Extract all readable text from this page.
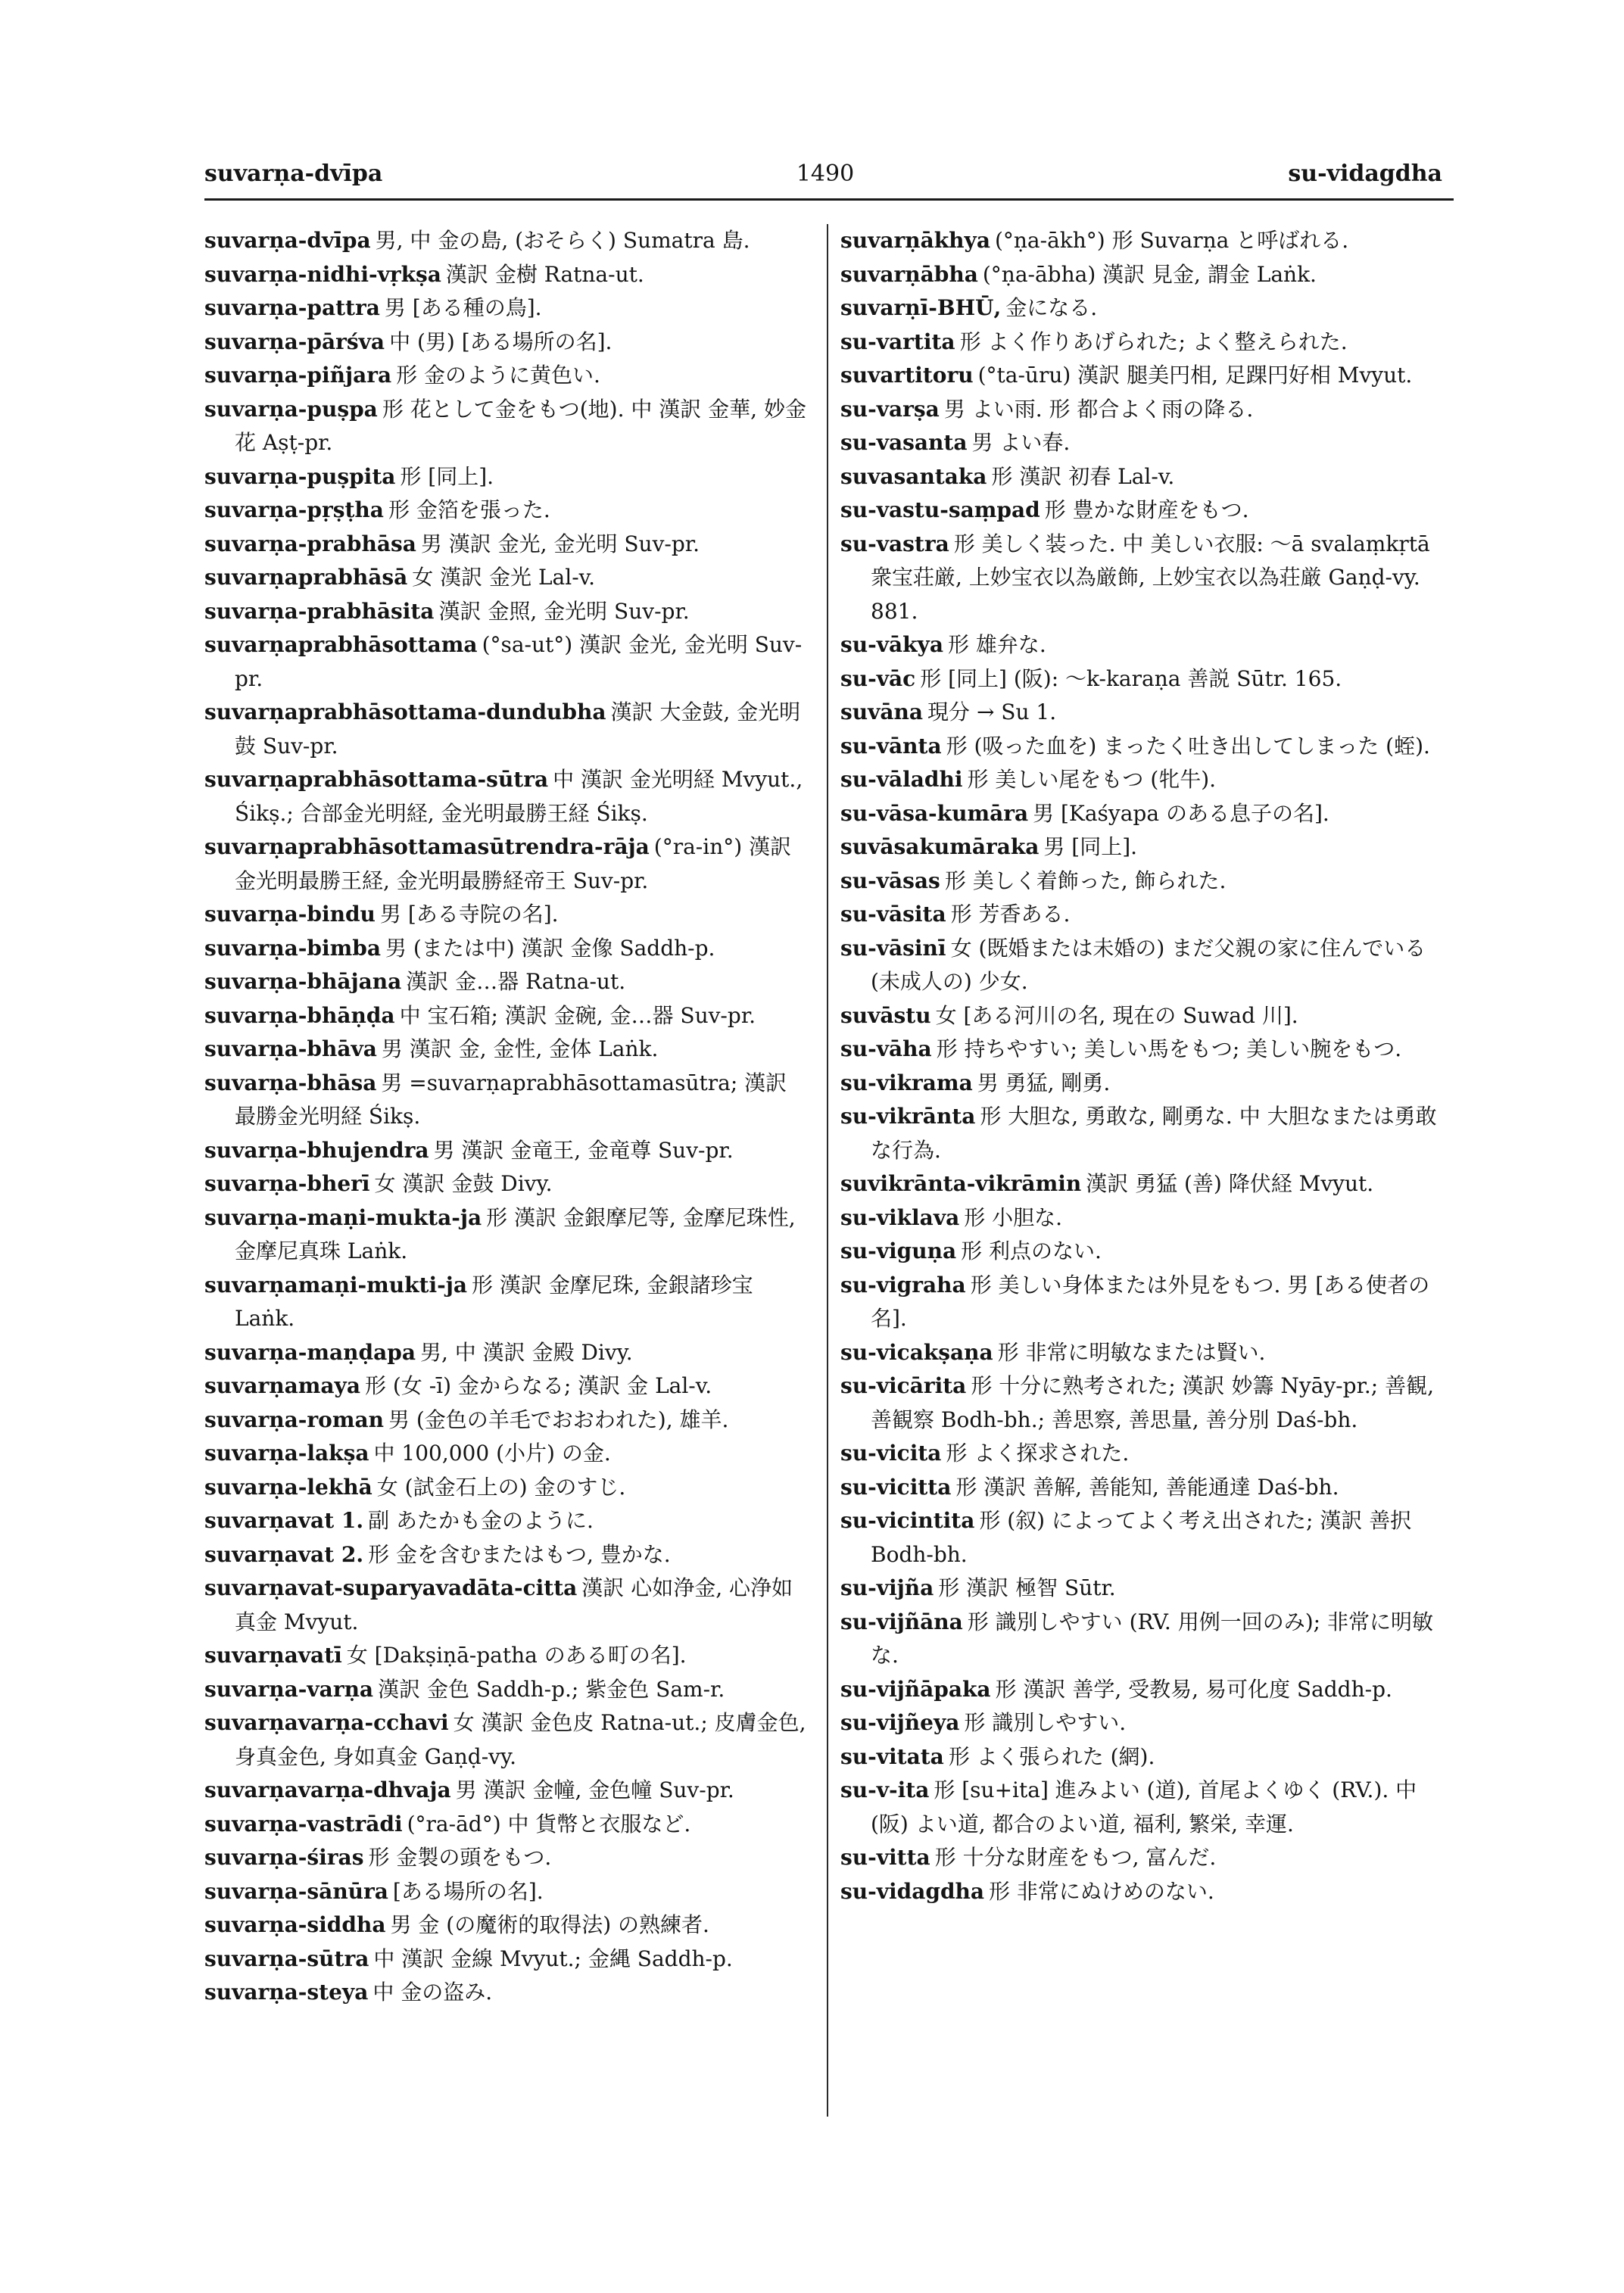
suvarṇa-dvīpa	1490	su-vidagdha
suvarṇa-dvīpa 男, 中 金の島, (おそらく) Sumatra 島.
suvarṇa-nidhi-vṛkṣa 漢訳 金樹 Ratna-ut.
suvarṇa-pattra 男 [ある種の鳥].
suvarṇa-pārśva 中 (男) [ある場所の名].
suvarṇa-piñjara 形 金のように黄色い.
suvarṇa-puṣpa 形 花として金をもつ(地). 中 漢訳 金華, 妙金花 Aṣṭ-pr.
suvarṇa-puṣpita 形 [同上].
suvarṇa-pṛṣṭha 形 金箔を張った.
suvarṇa-prabhāsa 男 漢訳 金光, 金光明 Suv-pr.
suvarṇaprabhāsā 女 漢訳 金光 Lal-v.
suvarṇa-prabhāsita 漢訳 金照, 金光明 Suv-pr.
suvarṇaprabhāsottama (°sa-ut°) 漢訳 金光, 金光明 Suv-pr.
suvarṇaprabhāsottama-dundubha 漢訳 大金鼓, 金光明鼓 Suv-pr.
suvarṇaprabhāsottama-sūtra 中 漢訳 金光明経 Mvyut., Śikṣ.; 合部金光明経, 金光明最勝王経 Śikṣ.
suvarṇaprabhāsottamasūtrendra-rāja (°ra-in°) 漢訳 金光明最勝王経, 金光明最勝経帝王 Suv-pr.
suvarṇa-bindu 男 [ある寺院の名].
suvarṇa-bimba 男 (または中) 漢訳 金像 Saddh-p.
suvarṇa-bhājana 漢訳 金…器 Ratna-ut.
suvarṇa-bhāṇḍa 中 宝石箱; 漢訳 金碗, 金…器 Suv-pr.
suvarṇa-bhāva 男 漢訳 金, 金性, 金体 Laṅk.
suvarṇa-bhāsa 男 =suvarṇaprabhāsottamasūtra; 漢訳 最勝金光明経 Śikṣ.
suvarṇa-bhujendra 男 漢訳 金竜王, 金竜尊 Suv-pr.
suvarṇa-bherī 女 漢訳 金鼓 Divy.
suvarṇa-maṇi-mukta-ja 形 漢訳 金銀摩尼等, 金摩尼珠性, 金摩尼真珠 Laṅk.
suvarṇamaṇi-mukti-ja 形 漢訳 金摩尼珠, 金銀諸珍宝 Laṅk.
suvarṇa-maṇḍapa 男, 中 漢訳 金殿 Divy.
suvarṇamaya 形 (女 -ī) 金からなる; 漢訳 金 Lal-v.
suvarṇa-roman 男 (金色の羊毛でおおわれた), 雄羊.
suvarṇa-lakṣa 中 100,000 (小片) の金.
suvarṇa-lekhā 女 (試金石上の) 金のすじ.
suvarṇavat 1. 副 あたかも金のように.
suvarṇavat 2. 形 金を含むまたはもつ, 豊かな.
suvarṇavat-suparyavadāta-citta 漢訳 心如浄金, 心浄如真金 Mvyut.
suvarṇavatī 女 [Dakṣiṇā-patha のある町の名].
suvarṇa-varṇa 漢訳 金色 Saddh-p.; 紫金色 Sam-r.
suvarṇavarṇa-cchavi 女 漢訳 金色皮 Ratna-ut.; 皮膚金色, 身真金色, 身如真金 Gaṇḍ-vy.
suvarṇavarṇa-dhvaja 男 漢訳 金幢, 金色幢 Suv-pr.
suvarṇa-vastrādi (°ra-ād°) 中 貨幣と衣服など.
suvarṇa-śiras 形 金製の頭をもつ.
suvarṇa-sānūra [ある場所の名].
suvarṇa-siddha 男 金 (の魔術的取得法) の熟練者.
suvarṇa-sūtra 中 漢訳 金線 Mvyut.; 金縄 Saddh-p.
suvarṇa-steya 中 金の盗み.
suvarṇākhya (°ṇa-ākh°) 形 Suvarṇa と呼ばれる.
suvarṇābha (°ṇa-ābha) 漢訳 見金, 謂金 Laṅk.
suvarṇī-BHŪ, 金になる.
su-vartita 形 よく作りあげられた; よく整えられた.
suvartitoru (°ta-ūru) 漢訳 腿美円相, 足踝円好相 Mvyut.
su-varṣa 男 よい雨. 形 都合よく雨の降る.
su-vasanta 男 よい春.
suvasantaka 形 漢訳 初春 Lal-v.
su-vastu-saṃpad 形 豊かな財産をもつ.
su-vastra 形 美しく装った. 中 美しい衣服: ～ā svalaṃkṛtā 衆宝荘厳, 上妙宝衣以為厳飾, 上妙宝衣以為荘厳 Gaṇḍ-vy. 881.
su-vākya 形 雄弁な.
su-vāc 形 [同上] (阪): ～k-karaṇa 善説 Sūtr. 165.
suvāna 現分 → Su 1.
su-vānta 形 (吸った血を) まったく吐き出してしまった (蛭).
su-vāladhi 形 美しい尾をもつ (牝牛).
su-vāsa-kumāra 男 [Kaśyapa のある息子の名].
suvāsakumāraka 男 [同上].
su-vāsas 形 美しく着飾った, 飾られた.
su-vāsita 形 芳香ある.
su-vāsinī 女 (既婚または未婚の) まだ父親の家に住んでいる (未成人の) 少女.
suvāstu 女 [ある河川の名, 現在の Suwad 川].
su-vāha 形 持ちやすい; 美しい馬をもつ; 美しい腕をもつ.
su-vikrama 男 勇猛, 剛勇.
su-vikrānta 形 大胆な, 勇敢な, 剛勇な. 中 大胆なまたは勇敢な行為.
suvikrānta-vikrāmin 漢訳 勇猛 (善) 降伏経 Mvyut.
su-viklava 形 小胆な.
su-viguṇa 形 利点のない.
su-vigraha 形 美しい身体または外見をもつ. 男 [ある使者の名].
su-vicakṣaṇa 形 非常に明敏なまたは賢い.
su-vicārita 形 十分に熟考された; 漢訳 妙籌 Nyāy-pr.; 善観, 善観察 Bodh-bh.; 善思察, 善思量, 善分別 Daś-bh.
su-vicita 形 よく探求された.
su-vicitta 形 漢訳 善解, 善能知, 善能通達 Daś-bh.
su-vicintita 形 (叙) によってよく考え出された; 漢訳 善択 Bodh-bh.
su-vijña 形 漢訳 極智 Sūtr.
su-vijñāna 形 識別しやすい (RV. 用例一回のみ); 非常に明敏な.
su-vijñāpaka 形 漢訳 善学, 受教易, 易可化度 Saddh-p.
su-vijñeya 形 識別しやすい.
su-vitata 形 よく張られた (網).
su-v-ita 形 [su+ita] 進みよい (道), 首尾よくゆく (RV.). 中 (阪) よい道, 都合のよい道, 福利, 繁栄, 幸運.
su-vitta 形 十分な財産をもつ, 富んだ.
su-vidagdha 形 非常にぬけめのない.
